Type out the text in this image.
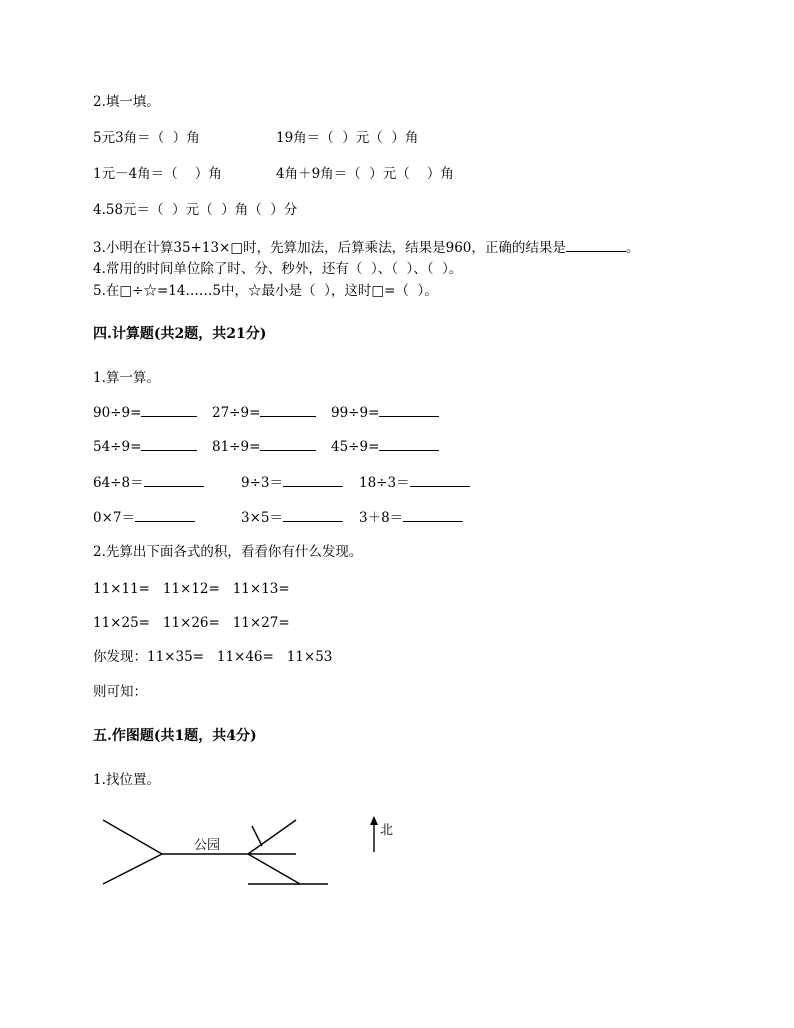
2.填一填。
5元3角＝（  ）角	19角＝（  ）元（  ）角
1元－4角＝（    ）角	4角＋9角＝（  ）元（    ）角
4.58元＝（  ）元（  ）角（  ）分
3.小明在计算35+13×□时，先算加法，后算乘法，结果是960，正确的结果是	。
4.常用的时间单位除了时、分、秒外，还有（  ）、（  ）、（  ）。
5.在□÷☆=14……5中，☆最小是（  ），这时□=（  ）。
四.计算题(共2题，共21分)
1.算一算。
90÷9=	27÷9=	99÷9=
54÷9=	81÷9=	45÷9=
64÷8＝	9÷3＝	18÷3＝
0×7＝	3×5＝	3＋8＝
2.先算出下面各式的积，看看你有什么发现。
11×11=   11×12=   11×13=
11×25=   11×26=   11×27=
你发现：11×35=   11×46=   11×53
则可知：
五.作图题(共1题，共4分)
1.找位置。
公园
北
